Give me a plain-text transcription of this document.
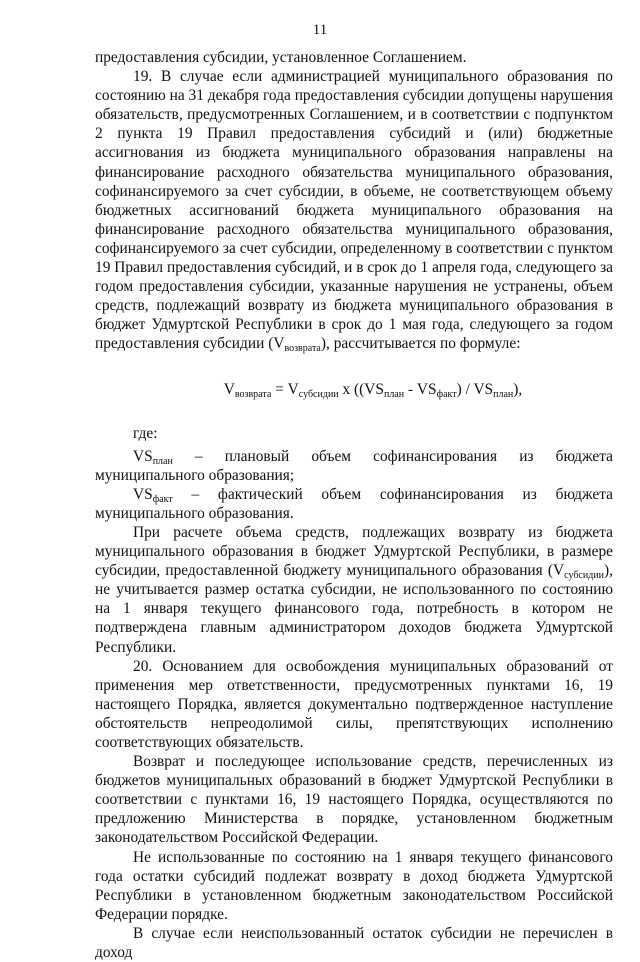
11

предоставления субсидии, установленное Соглашением.

19. В случае если администрацией муниципального образования по состоянию на 31 декабря года предоставления субсидии допущены нарушения обязательств, предусмотренных Соглашением, и в соответствии с подпунктом 2 пункта 19 Правил предоставления субсидий и (или) бюджетные ассигнования из бюджета муниципального образования направлены на финансирование расходного обязательства муниципального образования, софинансируемого за счет субсидии, в объеме, не соответствующем объему бюджетных ассигнований бюджета муниципального образования на финансирование расходного обязательства муниципального образования, софинансируемого за счет субсидии, определенному в соответствии с пунктом 19 Правил предоставления субсидий, и в срок до 1 апреля года, следующего за годом предоставления субсидии, указанные нарушения не устранены, объем средств, подлежащий возврату из бюджета муниципального образования в бюджет Удмуртской Республики в срок до 1 мая года, следующего за годом предоставления субсидии $(V_{возврата})$, рассчитывается по формуле:

$V_{возврата} = V_{субсидии}$ x $((VS_{план} - VS_{факт}) / VS_{план})$,

где:

$VS_{план}$ – плановый объем софинансирования из бюджета муниципального образования;

$VS_{факт}$ – фактический объем софинансирования из бюджета муниципального образования.

При расчете объема средств, подлежащих возврату из бюджета муниципального образования в бюджет Удмуртской Республики, в размере субсидии, предоставленной бюджету муниципального образования $(V_{субсидии})$, не учитывается размер остатка субсидии, не использованного по состоянию на 1 января текущего финансового года, потребность в котором не подтверждена главным администратором доходов бюджета Удмуртской Республики.

20. Основанием для освобождения муниципальных образований от применения мер ответственности, предусмотренных пунктами 16, 19 настоящего Порядка, является документально подтвержденное наступление обстоятельств непреодолимой силы, препятствующих исполнению соответствующих обязательств.

Возврат и последующее использование средств, перечисленных из бюджетов муниципальных образований в бюджет Удмуртской Республики в соответствии с пунктами 16, 19 настоящего Порядка, осуществляются по предложению Министерства в порядке, установленном бюджетным законодательством Российской Федерации.

Не использованные по состоянию на 1 января текущего финансового года остатки субсидий подлежат возврату в доход бюджета Удмуртской Республики в установленном бюджетным законодательством Российской Федерации порядке.

В случае если неиспользованный остаток субсидии не перечислен в доход
